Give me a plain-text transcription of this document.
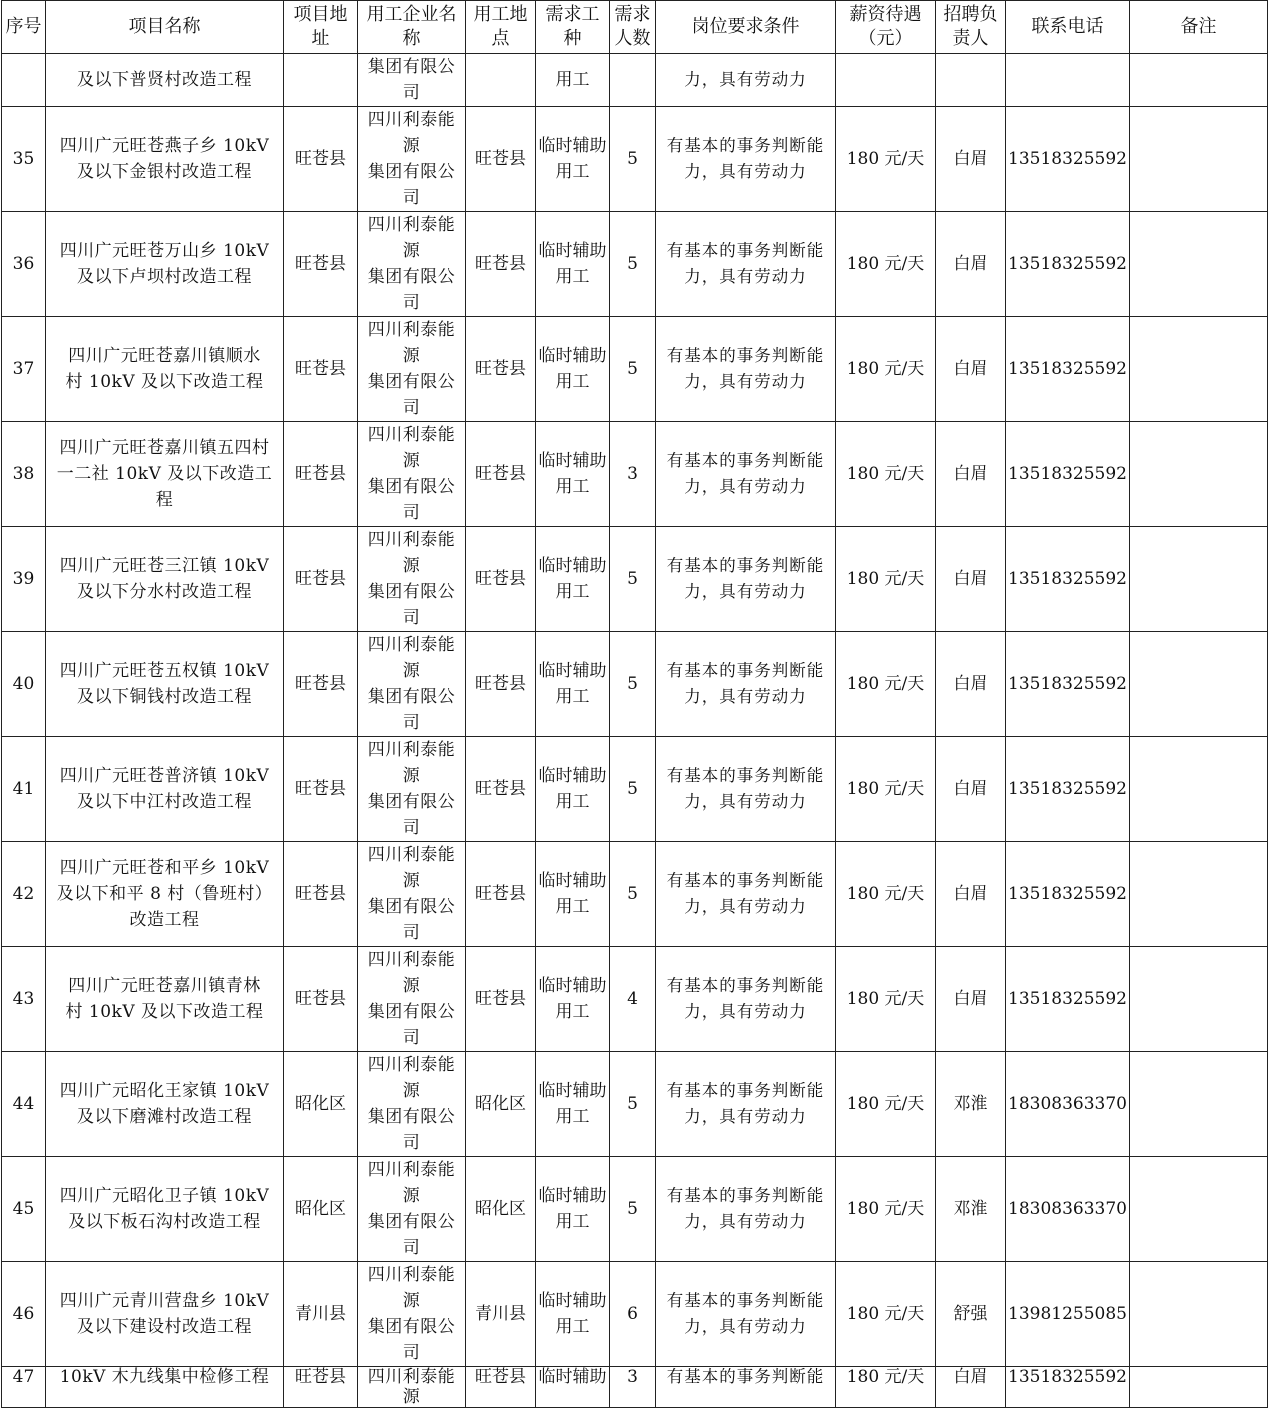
序号	项目名称	项目地址	用工企业名称	用工地点	需求工种	需求人数	岗位要求条件	薪资待遇（元）	招聘负责人	联系电话	备注
	及以下普贤村改造工程		集团有限公司		用工		力，具有劳动力				
35	四川广元旺苍燕子乡 10kV
及以下金银村改造工程	旺苍县	四川利泰能源
集团有限公司	旺苍县	临时辅助
用工	5	有基本的事务判断能
力，具有劳动力	180 元/天	白眉	13518325592	
36	四川广元旺苍万山乡 10kV
及以下卢坝村改造工程	旺苍县	四川利泰能源
集团有限公司	旺苍县	临时辅助
用工	5	有基本的事务判断能
力，具有劳动力	180 元/天	白眉	13518325592	
37	四川广元旺苍嘉川镇顺水
村 10kV 及以下改造工程	旺苍县	四川利泰能源
集团有限公司	旺苍县	临时辅助
用工	5	有基本的事务判断能
力，具有劳动力	180 元/天	白眉	13518325592	
38	四川广元旺苍嘉川镇五四村
一二社 10kV 及以下改造工程	旺苍县	四川利泰能源
集团有限公司	旺苍县	临时辅助
用工	3	有基本的事务判断能
力，具有劳动力	180 元/天	白眉	13518325592	
39	四川广元旺苍三江镇 10kV
及以下分水村改造工程	旺苍县	四川利泰能源
集团有限公司	旺苍县	临时辅助
用工	5	有基本的事务判断能
力，具有劳动力	180 元/天	白眉	13518325592	
40	四川广元旺苍五权镇 10kV
及以下铜钱村改造工程	旺苍县	四川利泰能源
集团有限公司	旺苍县	临时辅助
用工	5	有基本的事务判断能
力，具有劳动力	180 元/天	白眉	13518325592	
41	四川广元旺苍普济镇 10kV
及以下中江村改造工程	旺苍县	四川利泰能源
集团有限公司	旺苍县	临时辅助
用工	5	有基本的事务判断能
力，具有劳动力	180 元/天	白眉	13518325592	
42	四川广元旺苍和平乡 10kV
及以下和平 8 村（鲁班村）
改造工程	旺苍县	四川利泰能源
集团有限公司	旺苍县	临时辅助
用工	5	有基本的事务判断能
力，具有劳动力	180 元/天	白眉	13518325592	
43	四川广元旺苍嘉川镇青林
村 10kV 及以下改造工程	旺苍县	四川利泰能源
集团有限公司	旺苍县	临时辅助
用工	4	有基本的事务判断能
力，具有劳动力	180 元/天	白眉	13518325592	
44	四川广元昭化王家镇 10kV
及以下磨滩村改造工程	昭化区	四川利泰能源
集团有限公司	昭化区	临时辅助
用工	5	有基本的事务判断能
力，具有劳动力	180 元/天	邓淮	18308363370	
45	四川广元昭化卫子镇 10kV
及以下板石沟村改造工程	昭化区	四川利泰能源
集团有限公司	昭化区	临时辅助
用工	5	有基本的事务判断能
力，具有劳动力	180 元/天	邓淮	18308363370	
46	四川广元青川营盘乡 10kV
及以下建设村改造工程	青川县	四川利泰能源
集团有限公司	青川县	临时辅助
用工	6	有基本的事务判断能
力，具有劳动力	180 元/天	舒强	13981255085	
47	10kV 木九线集中检修工程	旺苍县	四川利泰能源	旺苍县	临时辅助	3	有基本的事务判断能	180 元/天	白眉	13518325592	
